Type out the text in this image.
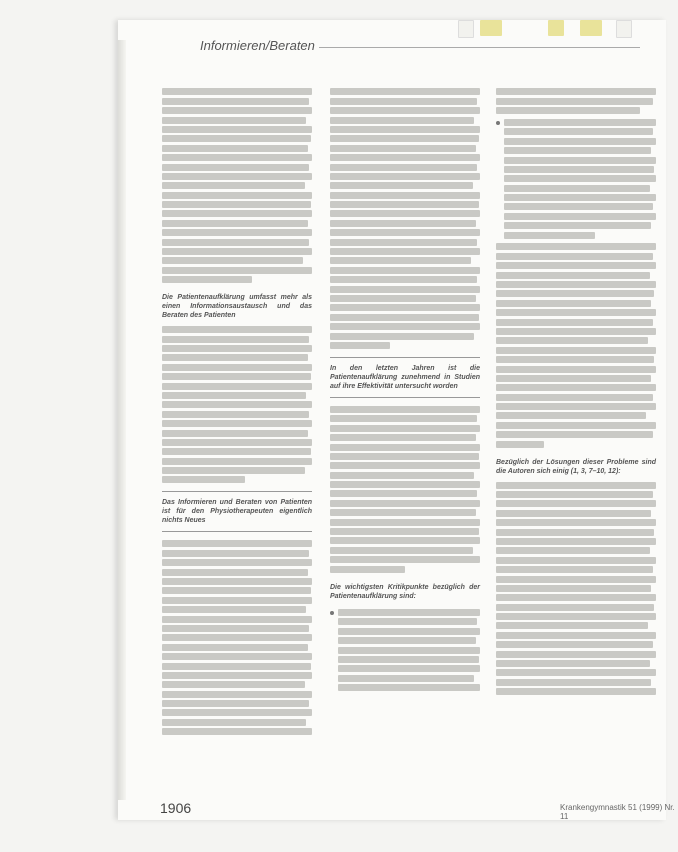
Informieren/Beraten
Die Patientenaufklärung umfasst mehr als einen Informationsaustausch und das Beraten des Patienten
Das Informieren und Beraten von Patienten ist für den Physiotherapeuten eigentlich nichts Neues
In den letzten Jahren ist die Patientenaufklärung zunehmend in Studien auf ihre Effektivität untersucht worden
Die wichtigsten Kritikpunkte bezüglich der Patientenaufklärung sind:
Bezüglich der Lösungen dieser Probleme sind die Autoren sich einig (1, 3, 7–10, 12):
1906	Krankengymnastik 51 (1999) Nr. 11
